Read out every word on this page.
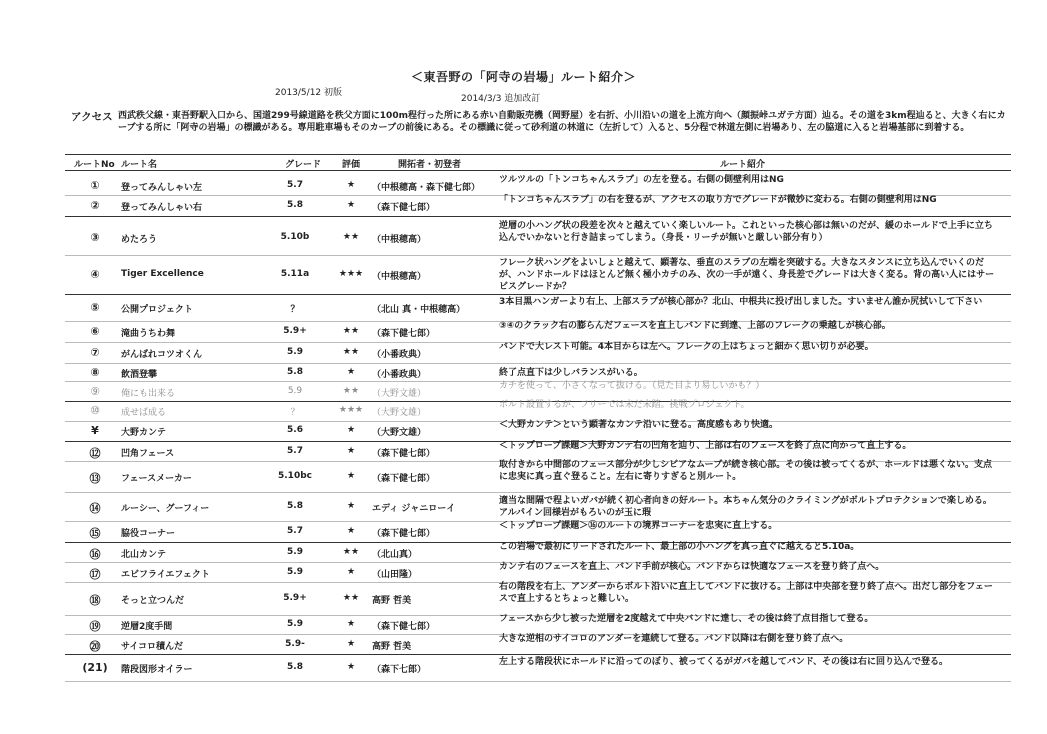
＜東吾野の「阿寺の岩場」ルート紹介＞
2013/5/12 初版
2014/3/3 追加改訂
アクセス 西武秩父線・東吾野駅入口から、国道299号線道路を秩父方面に100m程行った所にある赤い自動販売機（岡野屋）を右折、小川沿いの道を上流方向へ（顔振峠ユガテ方面）辿る。その道を3km程辿ると、大きく右にカーブする所に「阿寺の岩場」の標識がある。専用駐車場もそのカーブの前後にある。その標識に従って砂利道の林道に（左折して）入ると、5分程で林道左側に岩場あり、左の脇道に入ると岩場基部に到着する。
ルートNo ルート名	グレード 評価	開拓者・初登者	ルート紹介
①	登ってみんしゃい左	5.7	★	（中根穂高・森下健七郎）
ツルツルの「トンコちゃんスラブ」の左を登る。右側の側壁利用はNG
②	登ってみんしゃい右	5.8	★	（森下健七郎）
「トンコちゃんスラブ」の右を登るが、アクセスの取り方でグレードが微妙に変わる。右側の側壁利用はNG
③	めたろう	5.10b	★★	（中根穂高）
逆層の小ハング状の段差を次々と越えていく楽しいルート。これといった核心部は無いのだが、緩のホールドで上手に立ち込んでいかないと行き詰まってしまう。（身長・リーチが無いと厳しい部分有り）
④	Tiger Excellence	5.11a	★★★ （中根穂高）
フレーク状ハングをよいしょと越えて、顕著な、垂直のスラブの左端を突破する。大きなスタンスに立ち込んでいくのだが、ハンドホールドはほとんど無く極小カチのみ、次の一手が遠く、身長差でグレードは大きく変る。背の高い人にはサービスグレードか？
⑤	公開プロジェクト	？	（北山 真・中根穂高）
3本目黒ハンガーより右上、上部スラブが核心部か？北山、中根共に投げ出しました。すいません誰か尻拭いして下さい
⑥	滝曲うちわ舞	5.9+	★★	（森下健七郎）
③④のクラック右の膨らんだフェースを直上しバンドに到達、上部のフレークの乗越しが核心部。
⑦	がんばれコツオくん	5.9	★★	（小番政典）
バンドで大レスト可能。4本目からは左へ。フレークの上はちょっと細かく思い切りが必要。
⑧	飲酒登攀	5.8	★	（小番政典）	終了点直下は少しバランスがいる。
⑨	俺にも出来る	5.9	★★	（大野文雄）
カチを使って、小さくなって抜ける。（見た目より易しいかも？）
⑩	成せば成る	？	★★★ （大野文雄）
ボルト設置するが、フリーでは未だ未踏。挑戦プロジェクト。
¥	大野カンテ	5.6	★	（大野文雄）
＜大野カンテ＞という顕著なカンテ沿いに登る。高度感もあり快適。
⑫	凹角フェース	5.7	★	（森下健七郎）
＜トップロープ課題＞大野カンテ右の凹角を辿り、上部は右のフェースを終了点に向かって直上する。
⑬	フェースメーカー	5.10bc	★	（森下健七郎）
取付きから中間部のフェース部分が少しシビアなムーブが続き核心部。その後は被ってくるが、ホールドは悪くない。支点に忠実に真っ直ぐ登ること。左右に寄りすぎると別ルート。
⑭	ルーシー、グーフィー	5.8	★	エディ ジャニローイ
適当な間隔で程よいガバが続く初心者向きの好ルート。本ちゃん気分のクライミングがボルトプロテクションで楽しめる。アルパイン回様岩がもろいのが玉に瑕
⑮	脇役コーナー	5.7	★	（森下健七郎）
＜トップロープ課題＞⑯のルートの境界コーナーを忠実に直上する。
⑯	北山カンテ	5.9	★★	（北山真）
この岩場で最初にリードされたルート、最上部の小ハングを真っ直ぐに越えると5.10a。
⑰	エビフライエフェクト	5.9	★	（山田隆）
カンテ右のフェースを直上、バンド手前が核心。バンドからは快適なフェースを登り終了点へ。
⑱	そっと立つんだ	5.9+	★★	高野 哲美
右の階段を右上、アンダーからボルト沿いに直上してバンドに抜ける。上部は中央部を登り終了点へ。出だし部分をフェースで直上するとちょっと難しい。
⑲	逆層2度手間	5.9	★	（森下健七郎）
フェースから少し被った逆層を2度越えて中央バンドに達し、その後は終了点目指して登る。
⑳	サイコロ積んだ	5.9-	★	高野 哲美
大きな逆相のサイコロのアンダーを連続して登る。バンド以降は右側を登り終了点へ。
(21) 階段図形オイラー	5.8	★	（森下七郎）
左上する階段状にホールドに沿ってのぼり、被ってくるがガバを越してバンド、その後は右に回り込んで登る。
